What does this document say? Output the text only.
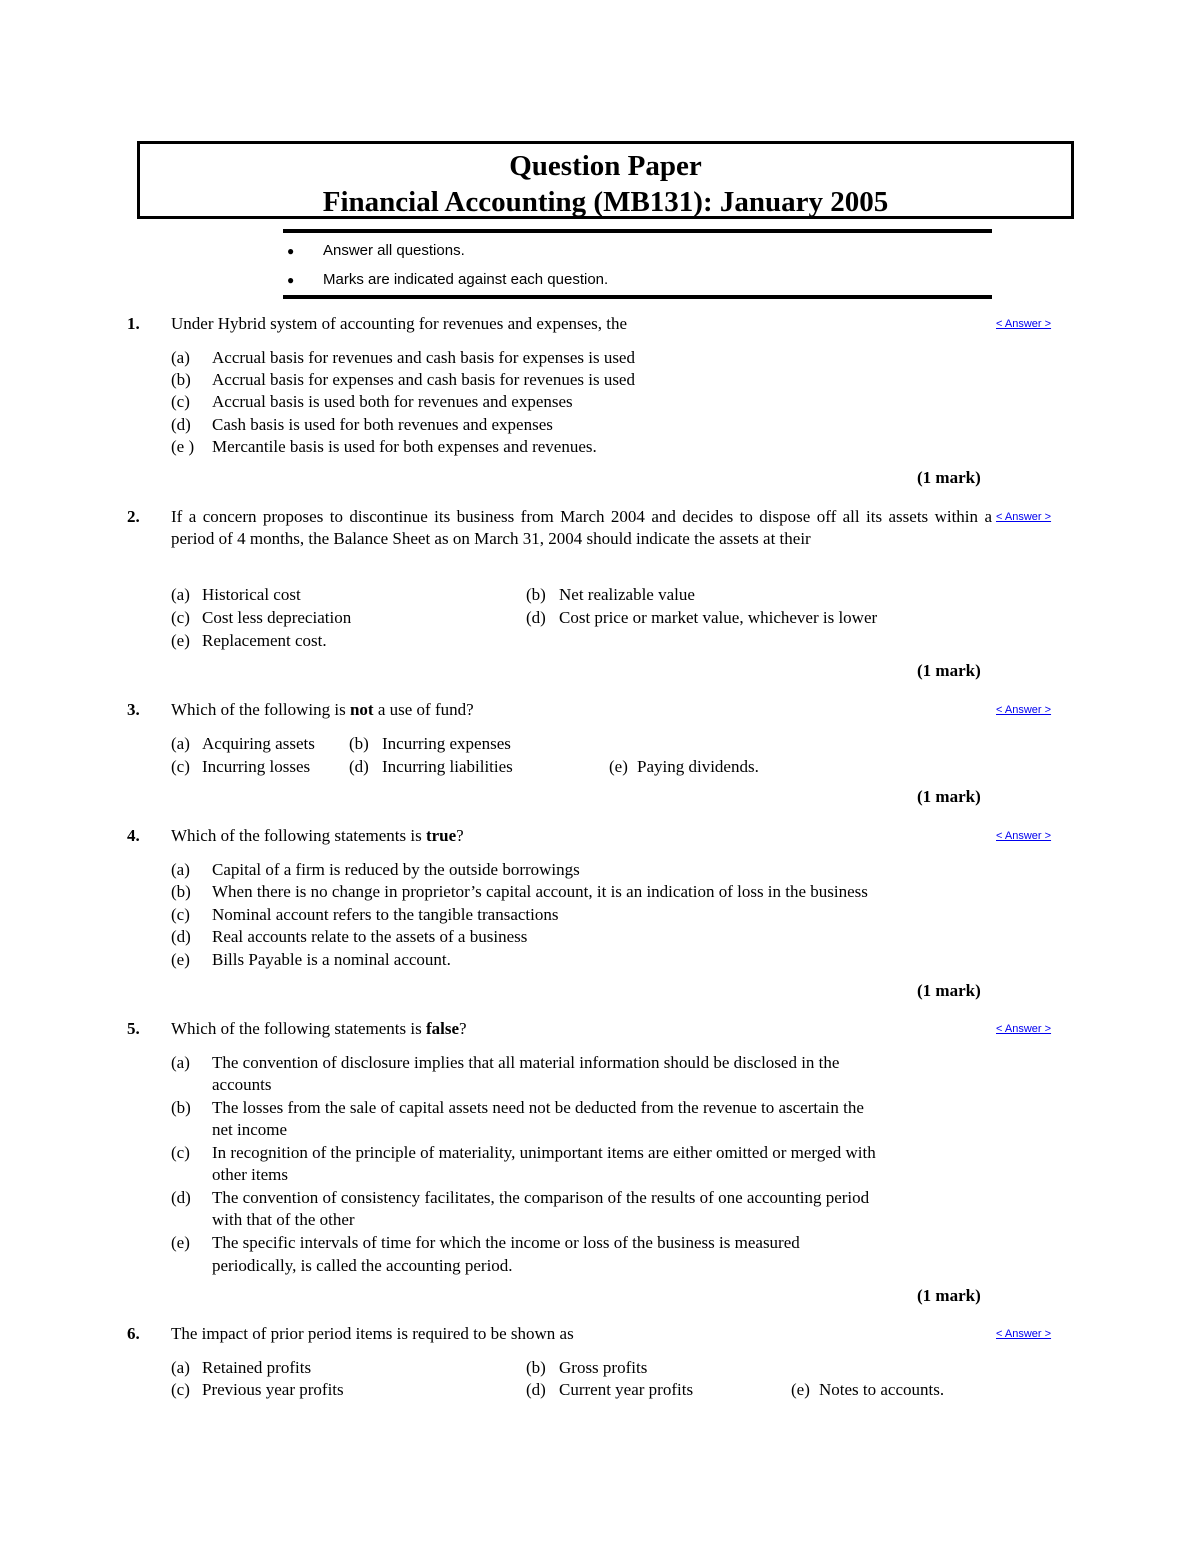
Question Paper
Financial Accounting (MB131): January 2005
● Answer all questions.
● Marks are indicated against each question.
1. Under Hybrid system of accounting for revenues and expenses, the	< Answer >
(a) Accrual basis for revenues and cash basis for expenses is used
(b) Accrual basis for expenses and cash basis for revenues is used
(c) Accrual basis is used both for revenues and expenses
(d) Cash basis is used for both revenues and expenses
(e ) Mercantile basis is used for both expenses and revenues.
(1 mark)
2. If a concern proposes to discontinue its business from March 2004 and decides to dispose off all its assets within a period of 4 months, the Balance Sheet as on March 31, 2004 should indicate the assets at their
< Answer >
(a) Historical cost	(b) Net realizable value
(c) Cost less depreciation	(d) Cost price or market value, whichever is lower
(e) Replacement cost.
(1 mark)
3. Which of the following is not a use of fund?	< Answer >
(a) Acquiring assets (b) Incurring expenses
(c) Incurring losses (d) Incurring liabilities	(e) Paying dividends.
(1 mark)
4. Which of the following statements is true?	< Answer >
(a) Capital of a firm is reduced by the outside borrowings
(b) When there is no change in proprietor’s capital account, it is an indication of loss in the business
(c) Nominal account refers to the tangible transactions
(d) Real accounts relate to the assets of a business
(e) Bills Payable is a nominal account.
(1 mark)
5. Which of the following statements is false?	< Answer >
(a) The convention of disclosure implies that all material information should be disclosed in the
accounts
(b) The losses from the sale of capital assets need not be deducted from the revenue to ascertain the
net income
(c) In recognition of the principle of materiality, unimportant items are either omitted or merged with
other items
(d) The convention of consistency facilitates, the comparison of the results of one accounting period
with that of the other
(e) The specific intervals of time for which the income or loss of the business is measured
periodically, is called the accounting period.
(1 mark)
6. The impact of prior period items is required to be shown as	< Answer >
(a) Retained profits	(b) Gross profits
(c) Previous year profits	(d) Current year profits	(e) Notes to accounts.
